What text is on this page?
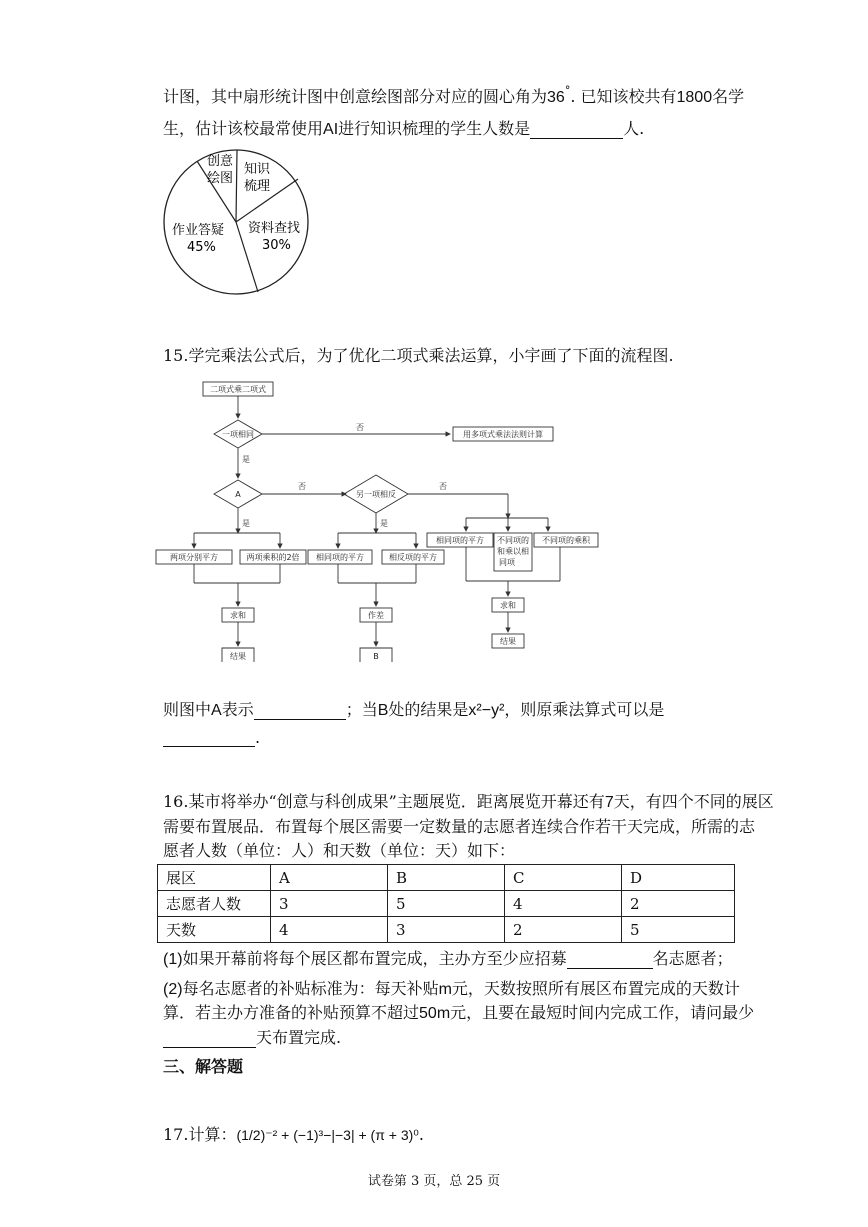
计图，其中扇形统计图中创意绘图部分对应的圆心角为36°. 已知该校共有1800名学
生，估计该校最常使用AI进行知识梳理的学生人数是	人.
创意
绘图
知识
梳理
资料查找
30%
作业答疑
45%
15.学完乘法公式后，为了优化二项式乘法运算，小宇画了下面的流程图.
二项式乘二项式
一项相同
否
用多项式乘法法则计算
是
A
否
另一项相反
否
是	是
两项分别平方	两项乘积的2倍 相同项的平方	相反项的平方
相同项的平方 不同项的
和乘以相
同项
不同项的乘积
求和	作差
求和
结果	B
结果
则图中A表示	；当B处的结果是x²−y²，则原乘法算式可以是
.
16.某市将举办“创意与科创成果”主题展览．距离展览开幕还有7天，有四个不同的展区
需要布置展品．布置每个展区需要一定数量的志愿者连续合作若干天完成，所需的志
愿者人数（单位：人）和天数（单位：天）如下：
展区	A	B	C	D
志愿者人数	3	5	4	2
天数	4	3	2	5
(1)如果开幕前将每个展区都布置完成，主办方至少应招募	名志愿者；
(2)每名志愿者的补贴标准为：每天补贴m元，天数按照所有展区布置完成的天数计
算．若主办方准备的补贴预算不超过50m元，且要在最短时间内完成工作，请问最少
天布置完成.
三、解答题
17.计算：(1/2)⁻² + (−1)³−|−3| + (π + 3)⁰.
试卷第 3 页，总 25 页
